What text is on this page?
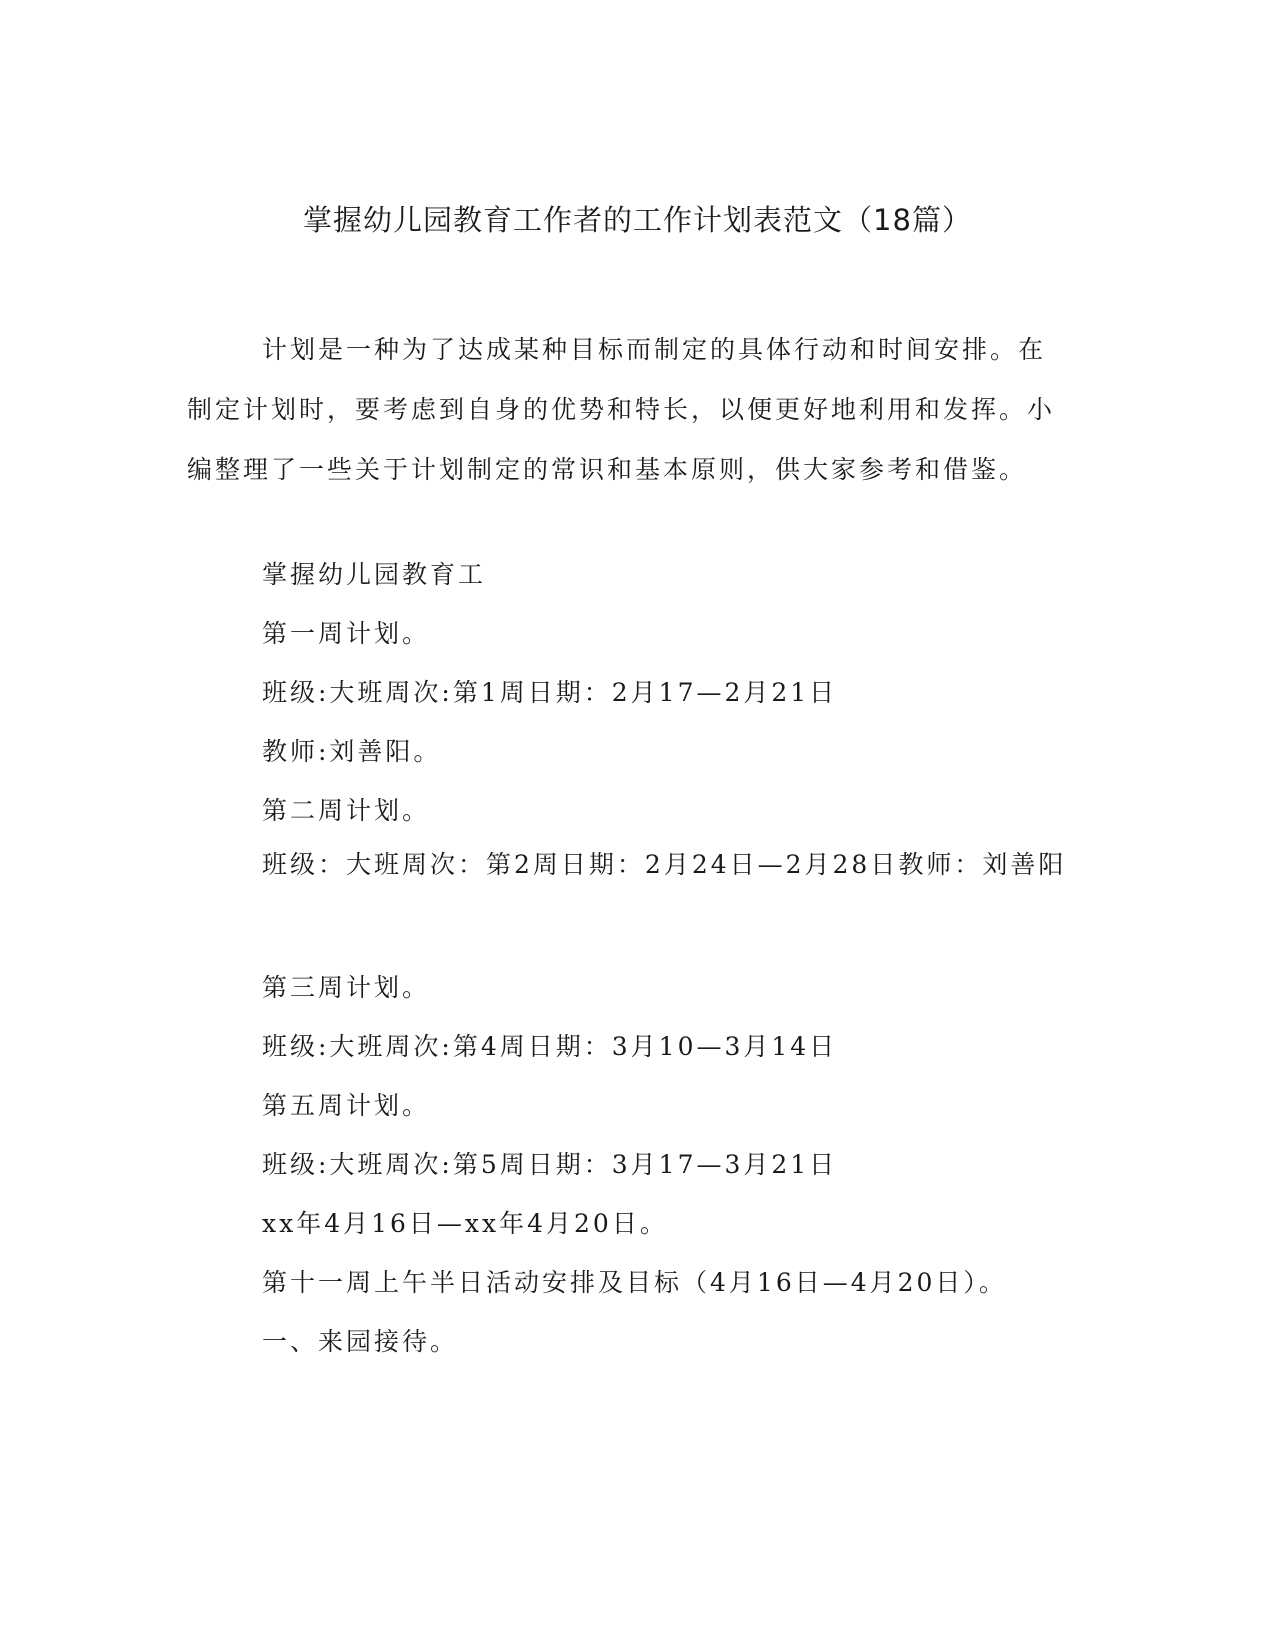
掌握幼儿园教育工作者的工作计划表范文（18篇）

计划是一种为了达成某种目标而制定的具体行动和时间安排。在制定计划时，要考虑到自身的优势和特长，以便更好地利用和发挥。小编整理了一些关于计划制定的常识和基本原则，供大家参考和借鉴。

掌握幼儿园教育工

第一周计划。

班级:大班周次:第1周日期：2月17—2月21日

教师:刘善阳。

第二周计划。

班级：大班周次：第2周日期：2月24日—2月28日教师：刘善阳

第三周计划。

班级:大班周次:第4周日期：3月10—3月14日

第五周计划。

班级:大班周次:第5周日期：3月17—3月21日

xx年4月16日—xx年4月20日。

第十一周上午半日活动安排及目标（4月16日—4月20日）。

一、来园接待。
